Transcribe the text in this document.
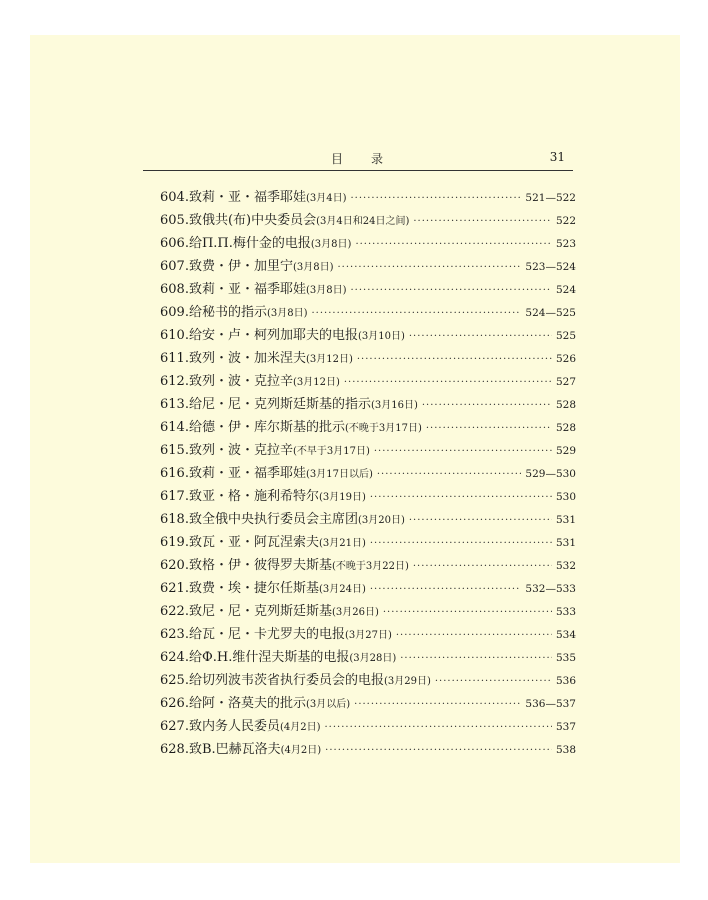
目录	31
604. 致莉・亚・福季耶娃 (3月4日) ·····	521—522
605. 致俄共(布)中央委员会 (3月4日和24日之间) ·····	522
606. 给П.П.梅什金的电报 (3月8日) ·····	523
607. 致费・伊・加里宁 (3月8日) ·····	523—524
608. 致莉・亚・福季耶娃 (3月8日) ·····	524
609. 给秘书的指示 (3月8日) ·····	524—525
610. 给安・卢・柯列加耶夫的电报 (3月10日) ·····	525
611. 致列・波・加米涅夫 (3月12日) ·····	526
612. 致列・波・克拉辛 (3月12日) ·····	527
613. 给尼・尼・克列斯廷斯基的指示 (3月16日) ·····	528
614. 给德・伊・库尔斯基的批示 (不晚于3月17日) ·····	528
615. 致列・波・克拉辛 (不早于3月17日) ·····	529
616. 致莉・亚・福季耶娃 (3月17日以后) ·····	529—530
617. 致亚・格・施利希特尔 (3月19日) ·····	530
618. 致全俄中央执行委员会主席团 (3月20日) ·····	531
619. 致瓦・亚・阿瓦涅索夫 (3月21日) ·····	531
620. 致格・伊・彼得罗夫斯基 (不晚于3月22日) ·····	532
621. 致费・埃・捷尔任斯基 (3月24日) ·····	532—533
622. 致尼・尼・克列斯廷斯基 (3月26日) ·····	533
623. 给瓦・尼・卡尤罗夫的电报 (3月27日) ·····	534
624. 给Ф.Н.维什涅夫斯基的电报 (3月28日) ·····	535
625. 给切列波韦茨省执行委员会的电报 (3月29日) ·····	536
626. 给阿・洛莫夫的批示 (3月以后) ·····	536—537
627. 致内务人民委员 (4月2日) ·····	537
628. 致B.巴赫瓦洛夫 (4月2日) ·····	538
